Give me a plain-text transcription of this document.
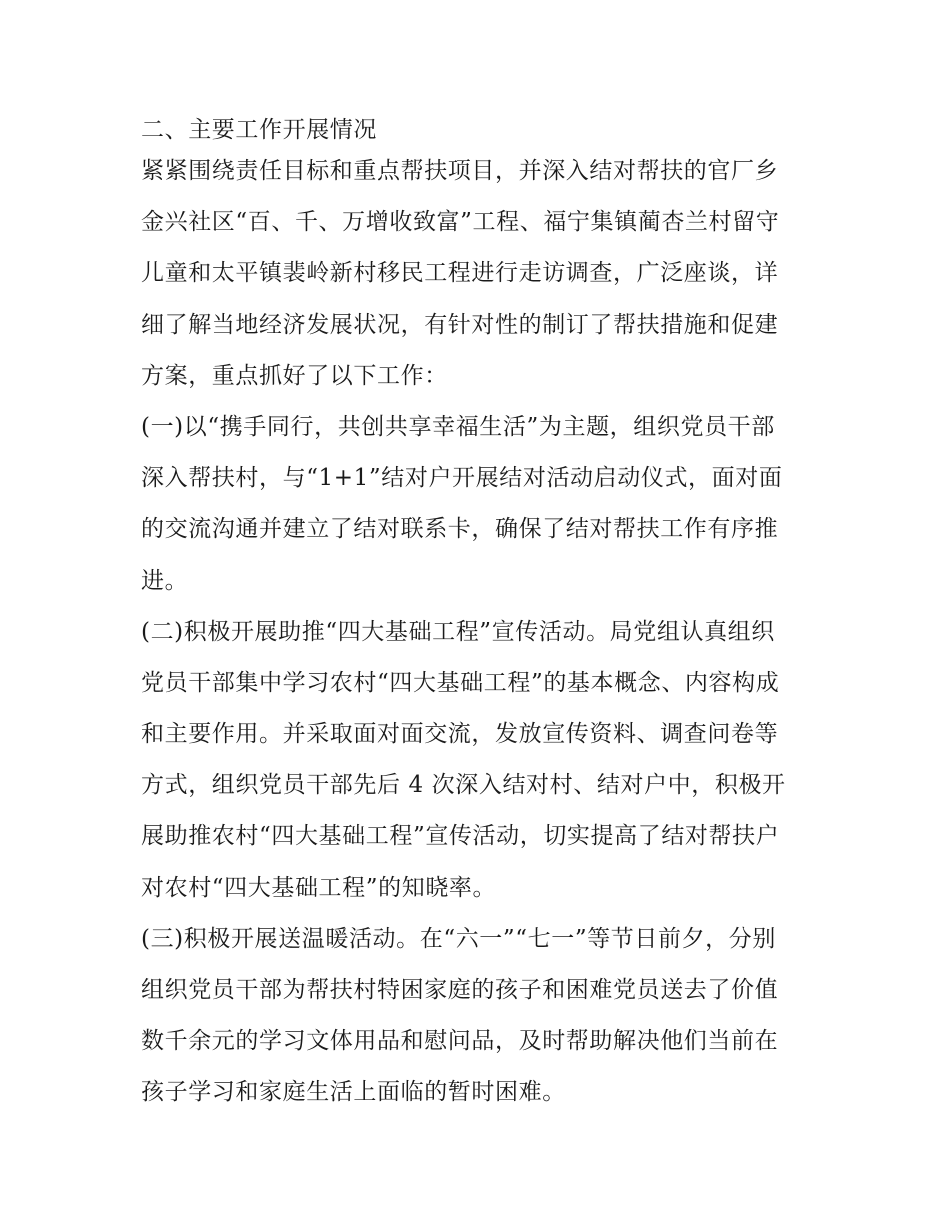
二、主要工作开展情况
紧紧围绕责任目标和重点帮扶项目，并深入结对帮扶的官厂乡
金兴社区“百、千、万增收致富”工程、福宁集镇蔺杏兰村留守
儿童和太平镇裴岭新村移民工程进行走访调查，广泛座谈，详
细了解当地经济发展状况，有针对性的制订了帮扶措施和促建
方案，重点抓好了以下工作：
(一)以“携手同行，共创共享幸福生活”为主题，组织党员干部
深入帮扶村，与“1+1”结对户开展结对活动启动仪式，面对面
的交流沟通并建立了结对联系卡，确保了结对帮扶工作有序推
进。
(二)积极开展助推“四大基础工程”宣传活动。局党组认真组织
党员干部集中学习农村“四大基础工程”的基本概念、内容构成
和主要作用。并采取面对面交流，发放宣传资料、调查问卷等
方式，组织党员干部先后 4 次深入结对村、结对户中，积极开
展助推农村“四大基础工程”宣传活动，切实提高了结对帮扶户
对农村“四大基础工程”的知晓率。
(三)积极开展送温暖活动。在“六一”“七一”等节日前夕，分别
组织党员干部为帮扶村特困家庭的孩子和困难党员送去了价值
数千余元的学习文体用品和慰问品，及时帮助解决他们当前在
孩子学习和家庭生活上面临的暂时困难。
